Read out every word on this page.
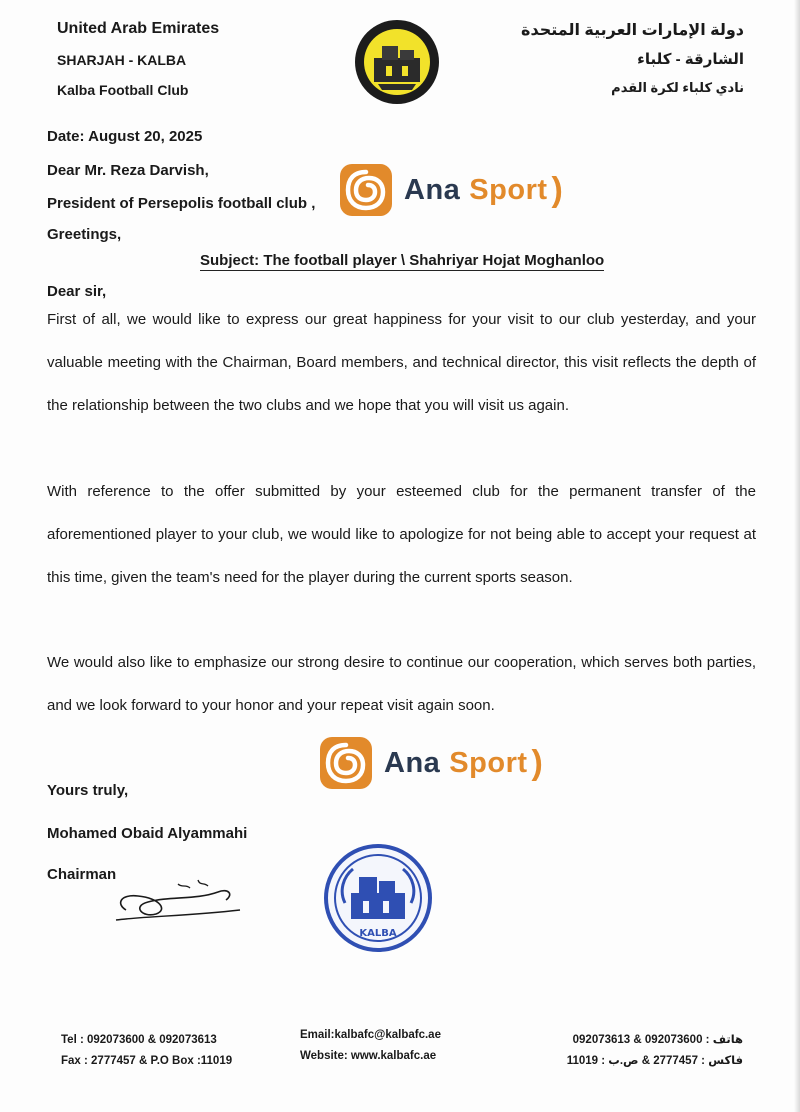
United Arab Emirates
SHARJAH - KALBA
Kalba Football Club
دولة الإمارات العربية المتحدة
الشارقة - كلباء
نادي كلباء لكرة القدم
Date: August 20, 2025
Dear Mr. Reza Darvish,
President of Persepolis football club ,
Greetings,
Ana Sport )
Subject: The football player \ Shahriyar Hojat Moghanloo
Dear sir,
First of all, we would like to express our great happiness for your visit to our club yesterday, and your valuable meeting with the Chairman, Board members, and technical director, this visit reflects the depth of the relationship between the two clubs and we hope that you will visit us again.
With reference to the offer submitted by your esteemed club for the permanent transfer of the aforementioned player to your club, we would like to apologize for not being able to accept your request at this time, given the team's need for the player during the current sports season.
We would also like to emphasize our strong desire to continue our cooperation, which serves both parties, and we look forward to your honor and your repeat visit again soon.
Ana Sport )
Yours truly,
Mohamed Obaid Alyammahi
Chairman
KALBA
Tel : 092073600 & 092073613
Fax : 2777457 & P.O Box :11019
Email:kalbafc@kalbafc.ae
Website: www.kalbafc.ae
هاتف : 092073600 & 092073613
فاكس : 2777457 & ص.ب : 11019
